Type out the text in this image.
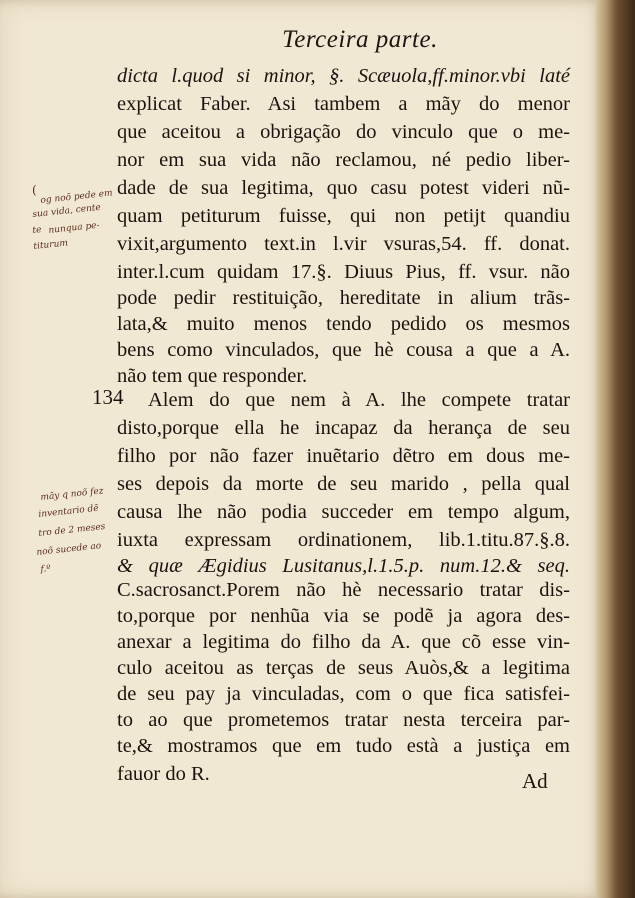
Terceira parte.
dicta l.quod si minor, §. Scæuola,ff.minor.vbi laté
explicat Faber. Asi tambem a mãy do menor
que aceitou a obrigação do vinculo que o me-
nor em sua vida não reclamou, né pedio liber-
dade de sua legitima, quo casu potest videri nũ-
quam petiturum fuisse, qui non petijt quandiu
vixit,argumento text.in l.vir vsuras,54. ff. donat.
inter.l.cum quidam 17.§. Diuus Pius, ff. vsur. não
pode pedir restituição, hereditate in alium trãs-
lata,& muito menos tendo pedido os mesmos
bens como vinculados, que hè cousa a que a A.
não tem que responder.
134 Alem do que nem à A. lhe compete tratar
disto,porque ella he incapaz da herança de seu
filho por não fazer inuẽtario dẽtro em dous me-
ses depois da morte de seu marido , pella qual
causa lhe não podia succeder em tempo algum,
iuxta expressam ordinationem, lib.1.titu.87.§.8.
& quæ Ægidius Lusitanus,l.1.5.p. num.12.& seq.
C.sacrosanct.Porem não hè necessario tratar dis-
to,porque por nenhũa via se podẽ ja agora des-
anexar a legitima do filho da A. que cõ esse vin-
culo aceitou as terças de seus Auòs,& a legitima
de seu pay ja vinculadas, com o que fica satisfei-
to ao que prometemos tratar nesta terceira par-
te,& mostramos que em tudo està a justiça em
fauor do R.	Ad
( og noõ pede em
sua vida, cente
te nunqua pe-
titurum
mãy q noõ fez
inventario dẽ
tro de 2 meses
noõ sucede ao
f.º
